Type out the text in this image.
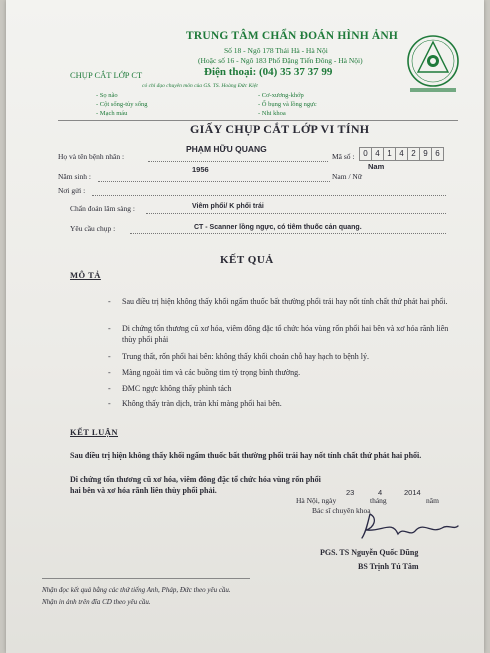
TRUNG TÂM CHẨN ĐOÁN HÌNH ẢNH
Số 18 - Ngõ 178 Thái Hà - Hà Nội
(Hoặc số 16 - Ngõ 183 Phố Đặng Tiến Đông - Hà Nội)
Điện thoại: (04) 35 37 37 99
CHỤP CẮT LỚP CT
có chỉ đạo chuyên môn của GS. TS. Hoàng Đức Kiệt
- Sọ não
- Cột sống-tủy sống
- Mạch máu
- Cơ-xương-khớp
- Ổ bụng và lồng ngực
- Nhi khoa
GIẤY CHỤP CẮT LỚP VI TÍNH
Họ và tên bệnh nhân :
PHẠM HỮU QUANG
Mã số :	0 4 1 4 2 9 6
Nam
Năm sinh :
1956
Nam / Nữ
Nơi gửi :
Chẩn đoán lâm sàng :	Viêm phổi/ K phổi trái
Yêu cầu chụp :	CT - Scanner lồng ngực, có tiêm thuốc cản quang.
KẾT QUẢ
MÔ TẢ
- Sau điều trị hiện không thấy khối ngấm thuốc bất thường phổi trái hay nốt tính chất thứ phát hai phổi.
- Di chứng tổn thương cũ xơ hóa, viêm đông đặc tổ chức hóa vùng rốn phổi hai bên và xơ hóa rãnh liên thùy phổi phải
- Trung thất, rốn phổi hai bên: không thấy khối choán chỗ hay hạch to bệnh lý.
- Màng ngoài tim và các buồng tim tỷ trọng bình thường.
- ĐMC ngực không thấy phình tách
- Không thấy tràn dịch, tràn khí màng phổi hai bên.
KẾT LUẬN
Sau điều trị hiện không thấy khối ngấm thuốc bất thường phổi trái hay nốt tính chất thứ phát hai phổi.
Di chứng tổn thương cũ xơ hóa, viêm đông đặc tổ chức hóa vùng rốn phổi hai bên và xơ hóa rãnh liên thùy phổi phải.
Hà Nội, ngày
23
tháng
4	2014
năm
Bác sĩ chuyên khoa
PGS. TS Nguyễn Quốc Dũng
BS Trịnh Tú Tâm
Nhận đọc kết quả bằng các thứ tiếng Anh, Pháp, Đức theo yêu cầu.
Nhận in ảnh trên đĩa CD theo yêu cầu.
